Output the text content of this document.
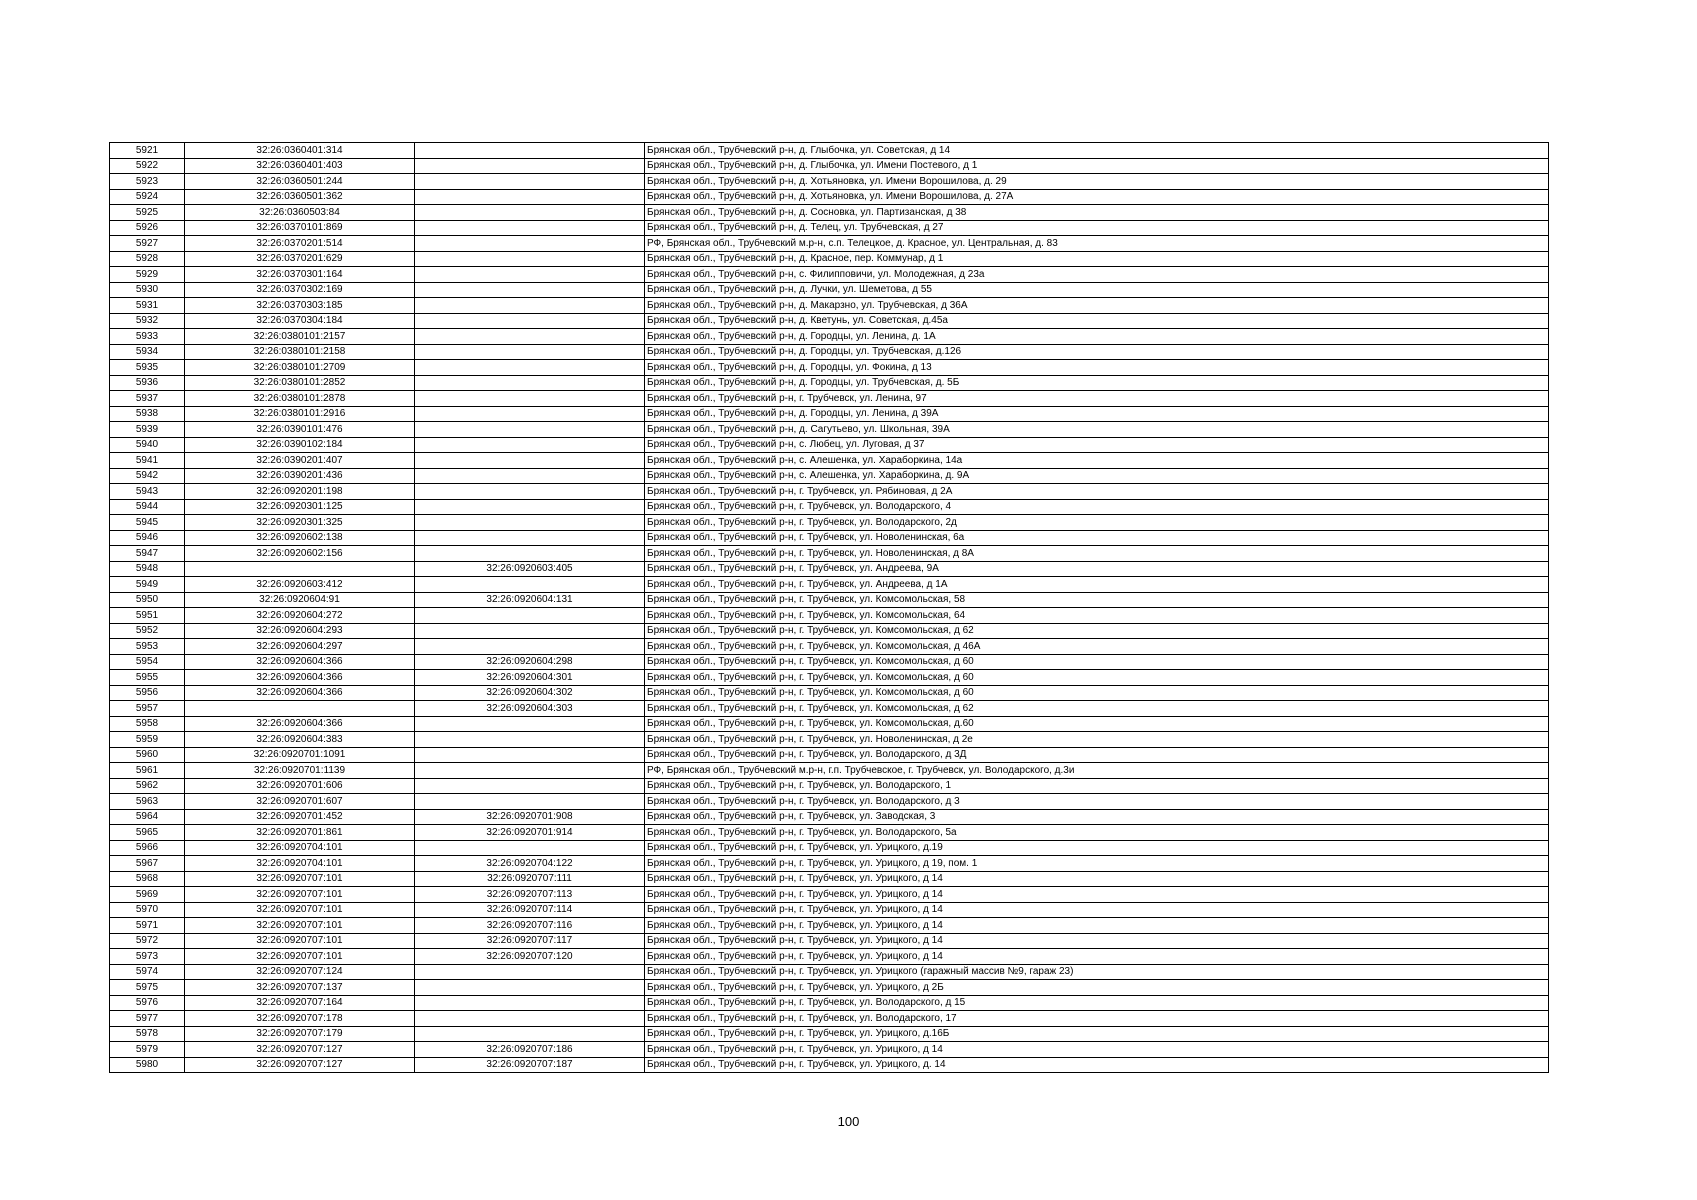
5921	32:26:0360401:314		Брянская обл., Трубчевский р-н, д. Глыбочка, ул. Советская, д 14
5922	32:26:0360401:403		Брянская обл., Трубчевский р-н, д. Глыбочка, ул. Имени Постевого, д 1
5923	32:26:0360501:244		Брянская обл., Трубчевский р-н, д. Хотьяновка, ул. Имени Ворошилова, д. 29
5924	32:26:0360501:362		Брянская обл., Трубчевский р-н, д. Хотьяновка, ул. Имени Ворошилова, д. 27А
5925	32:26:0360503:84		Брянская обл., Трубчевский р-н, д. Сосновка, ул. Партизанская, д 38
5926	32:26:0370101:869		Брянская обл., Трубчевский р-н, д. Телец, ул. Трубчевская, д 27
5927	32:26:0370201:514		РФ, Брянская обл., Трубчевский м.р-н, с.п. Телецкое, д. Красное, ул. Центральная, д. 83
5928	32:26:0370201:629		Брянская обл., Трубчевский р-н, д. Красное, пер. Коммунар, д 1
5929	32:26:0370301:164		Брянская обл., Трубчевский р-н, с. Филипповичи, ул. Молодежная, д 23а
5930	32:26:0370302:169		Брянская обл., Трубчевский р-н, д. Лучки, ул. Шеметова, д 55
5931	32:26:0370303:185		Брянская обл., Трубчевский р-н, д. Макарзно, ул. Трубчевская, д 36А
5932	32:26:0370304:184		Брянская обл., Трубчевский р-н, д. Кветунь, ул. Советская, д.45а
5933	32:26:0380101:2157		Брянская обл., Трубчевский р-н, д. Городцы, ул. Ленина, д. 1А
5934	32:26:0380101:2158		Брянская обл., Трубчевский р-н, д. Городцы, ул. Трубчевская, д.126
5935	32:26:0380101:2709		Брянская обл., Трубчевский р-н, д. Городцы, ул. Фокина, д 13
5936	32:26:0380101:2852		Брянская обл., Трубчевский р-н, д. Городцы, ул. Трубчевская, д. 5Б
5937	32:26:0380101:2878		Брянская обл., Трубчевский р-н, г. Трубчевск, ул. Ленина, 97
5938	32:26:0380101:2916		Брянская обл., Трубчевский р-н, д. Городцы, ул. Ленина, д 39А
5939	32:26:0390101:476		Брянская обл., Трубчевский р-н, д. Сагутьево, ул. Школьная, 39А
5940	32:26:0390102:184		Брянская обл., Трубчевский р-н, с. Любец, ул. Луговая, д 37
5941	32:26:0390201:407		Брянская обл., Трубчевский р-н, с. Алешенка, ул. Хараборкина, 14а
5942	32:26:0390201:436		Брянская обл., Трубчевский р-н, с. Алешенка, ул. Хараборкина, д. 9А
5943	32:26:0920201:198		Брянская обл., Трубчевский р-н, г. Трубчевск, ул. Рябиновая, д 2А
5944	32:26:0920301:125		Брянская обл., Трубчевский р-н, г. Трубчевск, ул. Володарского, 4
5945	32:26:0920301:325		Брянская обл., Трубчевский р-н, г. Трубчевск, ул. Володарского, 2д
5946	32:26:0920602:138		Брянская обл., Трубчевский р-н, г. Трубчевск, ул. Новоленинская, 6а
5947	32:26:0920602:156		Брянская обл., Трубчевский р-н, г. Трубчевск, ул. Новоленинская, д 8А
5948		32:26:0920603:405	Брянская обл., Трубчевский р-н, г. Трубчевск, ул. Андреева, 9А
5949	32:26:0920603:412		Брянская обл., Трубчевский р-н, г. Трубчевск, ул. Андреева, д 1А
5950	32:26:0920604:91	32:26:0920604:131	Брянская обл., Трубчевский р-н, г. Трубчевск, ул. Комсомольская, 58
5951	32:26:0920604:272		Брянская обл., Трубчевский р-н, г. Трубчевск, ул. Комсомольская, 64
5952	32:26:0920604:293		Брянская обл., Трубчевский р-н, г. Трубчевск, ул. Комсомольская, д 62
5953	32:26:0920604:297		Брянская обл., Трубчевский р-н, г. Трубчевск, ул. Комсомольская, д 46А
5954	32:26:0920604:366	32:26:0920604:298	Брянская обл., Трубчевский р-н, г. Трубчевск, ул. Комсомольская, д 60
5955	32:26:0920604:366	32:26:0920604:301	Брянская обл., Трубчевский р-н, г. Трубчевск, ул. Комсомольская, д 60
5956	32:26:0920604:366	32:26:0920604:302	Брянская обл., Трубчевский р-н, г. Трубчевск, ул. Комсомольская, д 60
5957		32:26:0920604:303	Брянская обл., Трубчевский р-н, г. Трубчевск, ул. Комсомольская, д 62
5958	32:26:0920604:366		Брянская обл., Трубчевский р-н, г. Трубчевск, ул. Комсомольская, д.60
5959	32:26:0920604:383		Брянская обл., Трубчевский р-н, г. Трубчевск, ул. Новоленинская, д 2е
5960	32:26:0920701:1091		Брянская обл., Трубчевский р-н, г. Трубчевск, ул. Володарского, д 3Д
5961	32:26:0920701:1139		РФ, Брянская обл., Трубчевский м.р-н, г.п. Трубчевское, г. Трубчевск, ул. Володарского, д.3и
5962	32:26:0920701:606		Брянская обл., Трубчевский р-н, г. Трубчевск, ул. Володарского, 1
5963	32:26:0920701:607		Брянская обл., Трубчевский р-н, г. Трубчевск, ул. Володарского, д 3
5964	32:26:0920701:452	32:26:0920701:908	Брянская обл., Трубчевский р-н, г. Трубчевск, ул. Заводская, 3
5965	32:26:0920701:861	32:26:0920701:914	Брянская обл., Трубчевский р-н, г. Трубчевск, ул. Володарского, 5а
5966	32:26:0920704:101		Брянская обл., Трубчевский р-н, г. Трубчевск, ул. Урицкого, д.19
5967	32:26:0920704:101	32:26:0920704:122	Брянская обл., Трубчевский р-н, г. Трубчевск, ул. Урицкого, д 19, пом. 1
5968	32:26:0920707:101	32:26:0920707:111	Брянская обл., Трубчевский р-н, г. Трубчевск, ул. Урицкого, д 14
5969	32:26:0920707:101	32:26:0920707:113	Брянская обл., Трубчевский р-н, г. Трубчевск, ул. Урицкого, д 14
5970	32:26:0920707:101	32:26:0920707:114	Брянская обл., Трубчевский р-н, г. Трубчевск, ул. Урицкого, д 14
5971	32:26:0920707:101	32:26:0920707:116	Брянская обл., Трубчевский р-н, г. Трубчевск, ул. Урицкого, д 14
5972	32:26:0920707:101	32:26:0920707:117	Брянская обл., Трубчевский р-н, г. Трубчевск, ул. Урицкого, д 14
5973	32:26:0920707:101	32:26:0920707:120	Брянская обл., Трубчевский р-н, г. Трубчевск, ул. Урицкого, д 14
5974	32:26:0920707:124		Брянская обл., Трубчевский р-н, г. Трубчевск, ул. Урицкого (гаражный массив №9, гараж 23)
5975	32:26:0920707:137		Брянская обл., Трубчевский р-н, г. Трубчевск, ул. Урицкого, д 2Б
5976	32:26:0920707:164		Брянская обл., Трубчевский р-н, г. Трубчевск, ул. Володарского, д 15
5977	32:26:0920707:178		Брянская обл., Трубчевский р-н, г. Трубчевск, ул. Володарского, 17
5978	32:26:0920707:179		Брянская обл., Трубчевский р-н, г. Трубчевск, ул. Урицкого, д.16Б
5979	32:26:0920707:127	32:26:0920707:186	Брянская обл., Трубчевский р-н, г. Трубчевск, ул. Урицкого, д 14
5980	32:26:0920707:127	32:26:0920707:187	Брянская обл., Трубчевский р-н, г. Трубчевск, ул. Урицкого, д. 14
100
